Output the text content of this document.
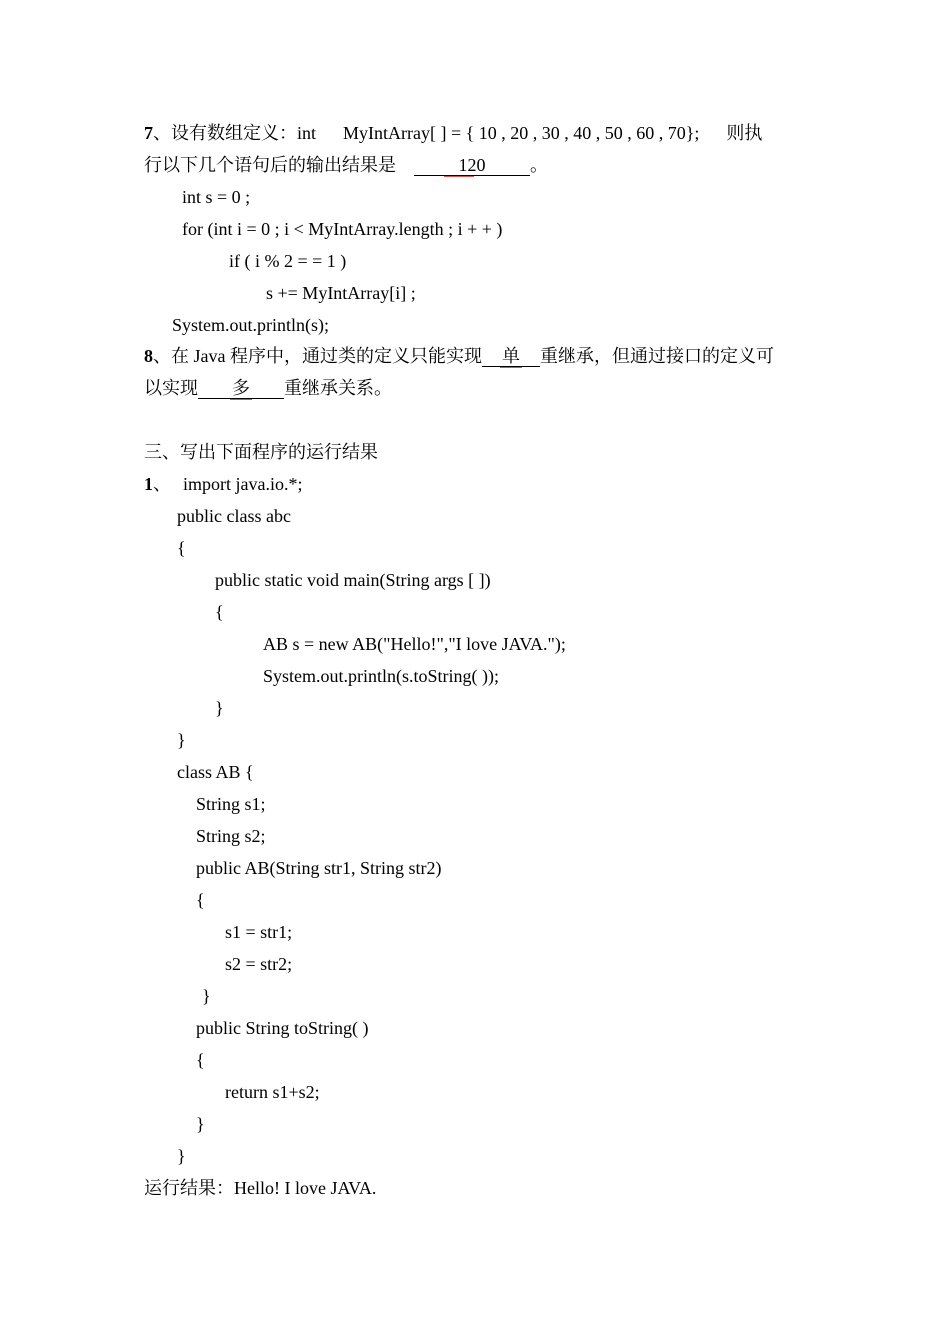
7、设有数组定义：int      MyIntArray[ ] = { 10 , 20 , 30 , 40 , 50 , 60 , 70};      则执
行以下几个语句后的输出结果是	120 。
int s = 0 ;
for (int i = 0 ; i < MyIntArray.length ; i + + )
if ( i % 2 = = 1 )
s += MyIntArray[i] ;
System.out.println(s);
8、在 Java 程序中，通过类的定义只能实现 单 重继承，但通过接口的定义可
以实现 多 重继承关系。
三、写出下面程序的运行结果
1、 import java.io.*;
public class abc
{
public static void main(String args [ ])
{
AB s = new AB("Hello!","I love JAVA.");
System.out.println(s.toString( ));
}
}
class AB {
String s1;
String s2;
public AB(String str1, String str2)
{
s1 = str1;
s2 = str2;
}
public String toString( )
{
return s1+s2;
}
}
运行结果：Hello! I love JAVA.
